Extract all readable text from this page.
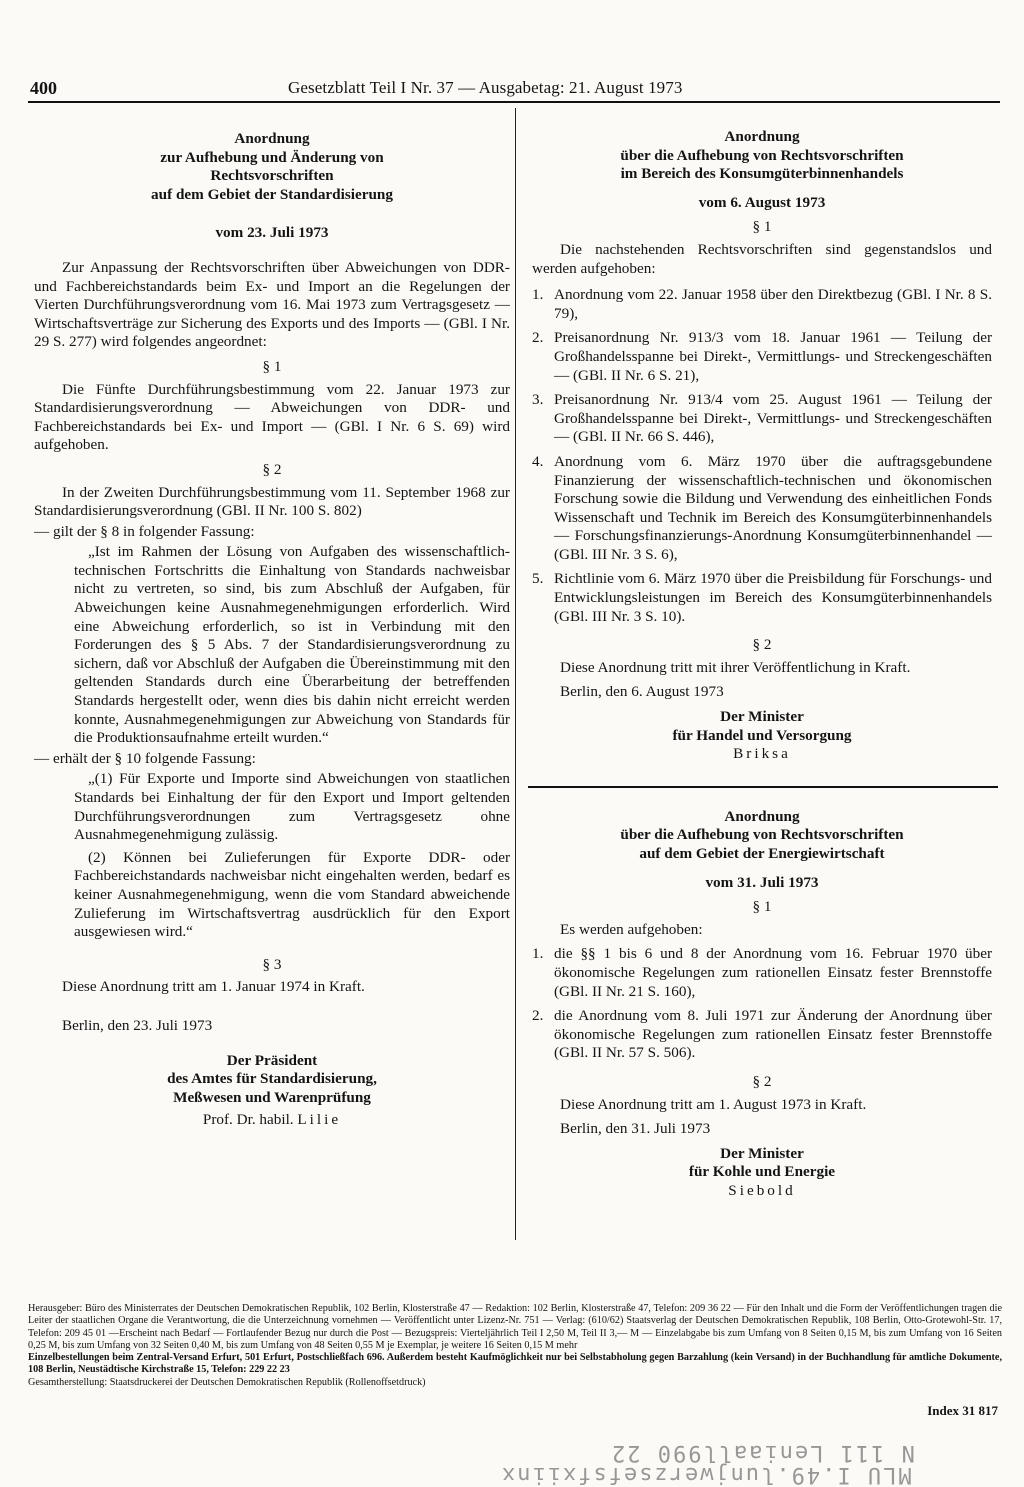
400	Gesetzblatt Teil I Nr. 37 — Ausgabetag: 21. August 1973

Anordnung

zur Aufhebung und Änderung von

Rechtsvorschriften

auf dem Gebiet der Standardisierung

vom 23. Juli 1973

Zur Anpassung der Rechtsvorschriften über Abweichungen von DDR- und Fachbereichstandards beim Ex- und Import an die Regelungen der Vierten Durchführungsverordnung vom 16. Mai 1973 zum Vertragsgesetz — Wirtschaftsverträge zur Sicherung des Exports und des Imports — (GBl. I Nr. 29 S. 277) wird folgendes angeordnet:

§ 1

Die Fünfte Durchführungsbestimmung vom 22. Januar 1973 zur Standardisierungsverordnung — Abweichungen von DDR- und Fachbereichstandards bei Ex- und Import — (GBl. I Nr. 6 S. 69) wird aufgehoben.

§ 2

In der Zweiten Durchführungsbestimmung vom 11. September 1968 zur Standardisierungsverordnung (GBl. II Nr. 100 S. 802)

— gilt der § 8 in folgender Fassung:

„Ist im Rahmen der Lösung von Aufgaben des wissenschaftlich-technischen Fortschritts die Einhaltung von Standards nachweisbar nicht zu vertreten, so sind, bis zum Abschluß der Aufgaben, für Abweichungen keine Ausnahmegenehmigungen erforderlich. Wird eine Abweichung erforderlich, so ist in Verbindung mit den Forderungen des § 5 Abs. 7 der Standardisierungsverordnung zu sichern, daß vor Abschluß der Aufgaben die Übereinstimmung mit den geltenden Standards durch eine Überarbeitung der betreffenden Standards hergestellt oder, wenn dies bis dahin nicht erreicht werden konnte, Ausnahmegenehmigungen zur Abweichung von Standards für die Produktionsaufnahme erteilt wurden.“

— erhält der § 10 folgende Fassung:

„(1) Für Exporte und Importe sind Abweichungen von staatlichen Standards bei Einhaltung der für den Export und Import geltenden Durchführungsverordnungen zum Vertragsgesetz ohne Ausnahmegenehmigung zulässig.

(2) Können bei Zulieferungen für Exporte DDR- oder Fachbereichstandards nachweisbar nicht eingehalten werden, bedarf es keiner Ausnahmegenehmigung, wenn die vom Standard abweichende Zulieferung im Wirtschaftsvertrag ausdrücklich für den Export ausgewiesen wird.“

§ 3

Diese Anordnung tritt am 1. Januar 1974 in Kraft.

Berlin, den 23. Juli 1973

Der Präsident

des Amtes für Standardisierung,

Meßwesen und Warenprüfung

Prof. Dr. habil. Lilie

Anordnung

über die Aufhebung von Rechtsvorschriften

im Bereich des Konsumgüterbinnenhandels

vom 6. August 1973

§ 1

Die nachstehenden Rechtsvorschriften sind gegenstandslos und werden aufgehoben:

1. Anordnung vom 22. Januar 1958 über den Direktbezug (GBl. I Nr. 8 S. 79),
2. Preisanordnung Nr. 913/3 vom 18. Januar 1961 — Teilung der Großhandelsspanne bei Direkt-, Vermittlungs- und Streckengeschäften — (GBl. II Nr. 6 S. 21),
3. Preisanordnung Nr. 913/4 vom 25. August 1961 — Teilung der Großhandelsspanne bei Direkt-, Vermittlungs- und Streckengeschäften — (GBl. II Nr. 66 S. 446),
4. Anordnung vom 6. März 1970 über die auftragsgebundene Finanzierung der wissenschaftlich-technischen und ökonomischen Forschung sowie die Bildung und Verwendung des einheitlichen Fonds Wissenschaft und Technik im Bereich des Konsumgüterbinnenhandels — Forschungsfinanzierungs-Anordnung Konsumgüterbinnenhandel — (GBl. III Nr. 3 S. 6),
5. Richtlinie vom 6. März 1970 über die Preisbildung für Forschungs- und Entwicklungsleistungen im Bereich des Konsumgüterbinnenhandels (GBl. III Nr. 3 S. 10).

§ 2

Diese Anordnung tritt mit ihrer Veröffentlichung in Kraft.

Berlin, den 6. August 1973

Der Minister

für Handel und Versorgung

Briksa

Anordnung

über die Aufhebung von Rechtsvorschriften

auf dem Gebiet der Energiewirtschaft

vom 31. Juli 1973

§ 1

Es werden aufgehoben:

1. die §§ 1 bis 6 und 8 der Anordnung vom 16. Februar 1970 über ökonomische Regelungen zum rationellen Einsatz fester Brennstoffe (GBl. II Nr. 21 S. 160),
2. die Anordnung vom 8. Juli 1971 zur Änderung der Anordnung über ökonomische Regelungen zum rationellen Einsatz fester Brennstoffe (GBl. II Nr. 57 S. 506).

§ 2

Diese Anordnung tritt am 1. August 1973 in Kraft.

Berlin, den 31. Juli 1973

Der Minister

für Kohle und Energie

Siebold

Herausgeber: Büro des Ministerrates der Deutschen Demokratischen Republik, 102 Berlin, Klosterstraße 47 — Redaktion: 102 Berlin, Klosterstraße 47, Telefon: 209 36 22 — Für den Inhalt und die Form der Veröffentlichungen tragen die Leiter der staatlichen Organe die Verantwortung, die die Unterzeichnung vornehmen — Veröffentlicht unter Lizenz-Nr. 751 — Verlag: (610/62) Staatsverlag der Deutschen Demokratischen Republik, 108 Berlin, Otto-Grotewohl-Str. 17, Telefon: 209 45 01 —Erscheint nach Bedarf — Fortlaufender Bezug nur durch die Post — Bezugspreis: Vierteljährlich Teil I 2,50 M, Teil II 3,— M — Einzelabgabe bis zum Umfang von 8 Seiten 0,15 M, bis zum Umfang von 16 Seiten 0,25 M, bis zum Umfang von 32 Seiten 0,40 M, bis zum Umfang von 48 Seiten 0,55 M je Exemplar, je weitere 16 Seiten 0,15 M mehr
Einzelbestellungen beim Zentral-Versand Erfurt, 501 Erfurt, Postschließfach 696. Außerdem besteht Kaufmöglichkeit nur bei Selbstabholung gegen Barzahlung (kein Versand) in der Buchhandlung für amtliche Dokumente, 108 Berlin, Neustädtische Kirchstraße 15, Telefon: 229 22 23
Gesamtherstellung: Staatsdruckerei der Deutschen Demokratischen Republik (Rollenoffsetdruck)
Index 31 817
N 111 Leniaall990 22
MLU I.49.lunjwerzsefsfxiinx
